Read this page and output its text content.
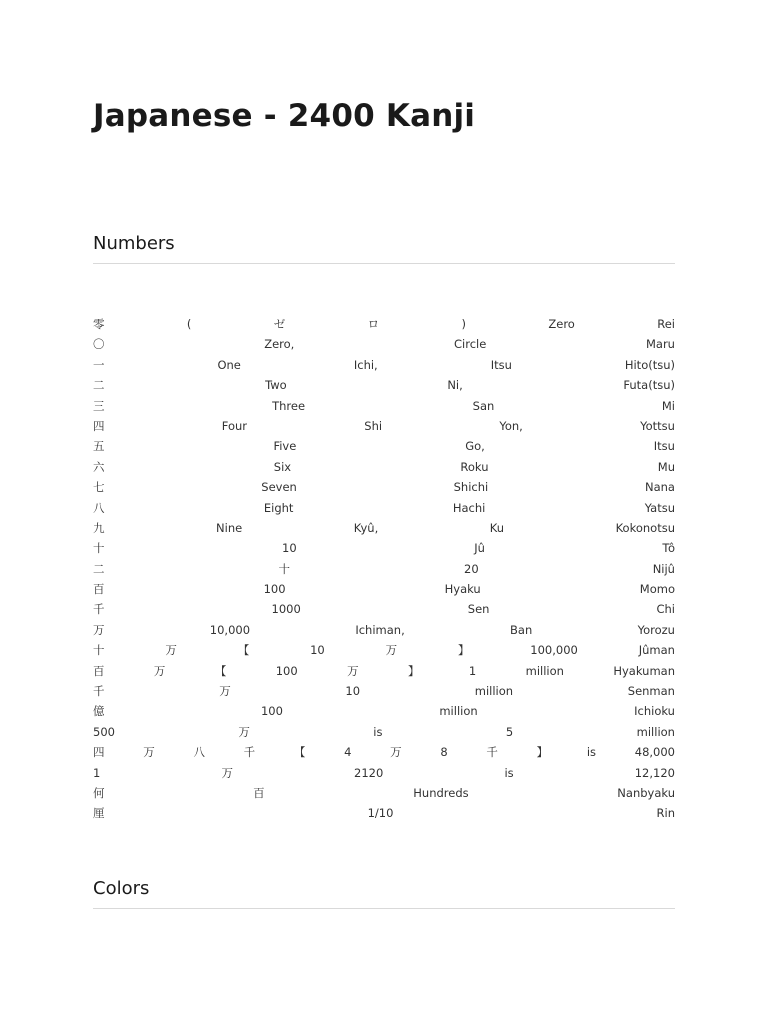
Japanese - 2400 Kanji
Numbers
零	(	ゼ	ロ	)	Zero	Rei
〇	Zero,	Circle	Maru
一	One	Ichi,	Itsu	Hito(tsu)
二	Two	Ni,	Futa(tsu)
三	Three	San	Mi
四	Four	Shi	Yon,	Yottsu
五	Five	Go,	Itsu
六	Six	Roku	Mu
七	Seven	Shichi	Nana
八	Eight	Hachi	Yatsu
九	Nine	Kyû,	Ku	Kokonotsu
十	10	Jû	Tô
二	十	20	Nijû
百	100	Hyaku	Momo
千	1000	Sen	Chi
万	10,000	Ichiman,	Ban	Yorozu
十	万	【	10	万	】	100,000	Jûman
百	万	【	100	万	】	1	million	Hyakuman
千	万	10	million	Senman
億	100	million	Ichioku
500	万	is	5	million
四	万	八	千	【	4	万	8	千	】	is	48,000
1	万	2120	is	12,120
何	百	Hundreds	Nanbyaku
厘	1/10	Rin
Colors
